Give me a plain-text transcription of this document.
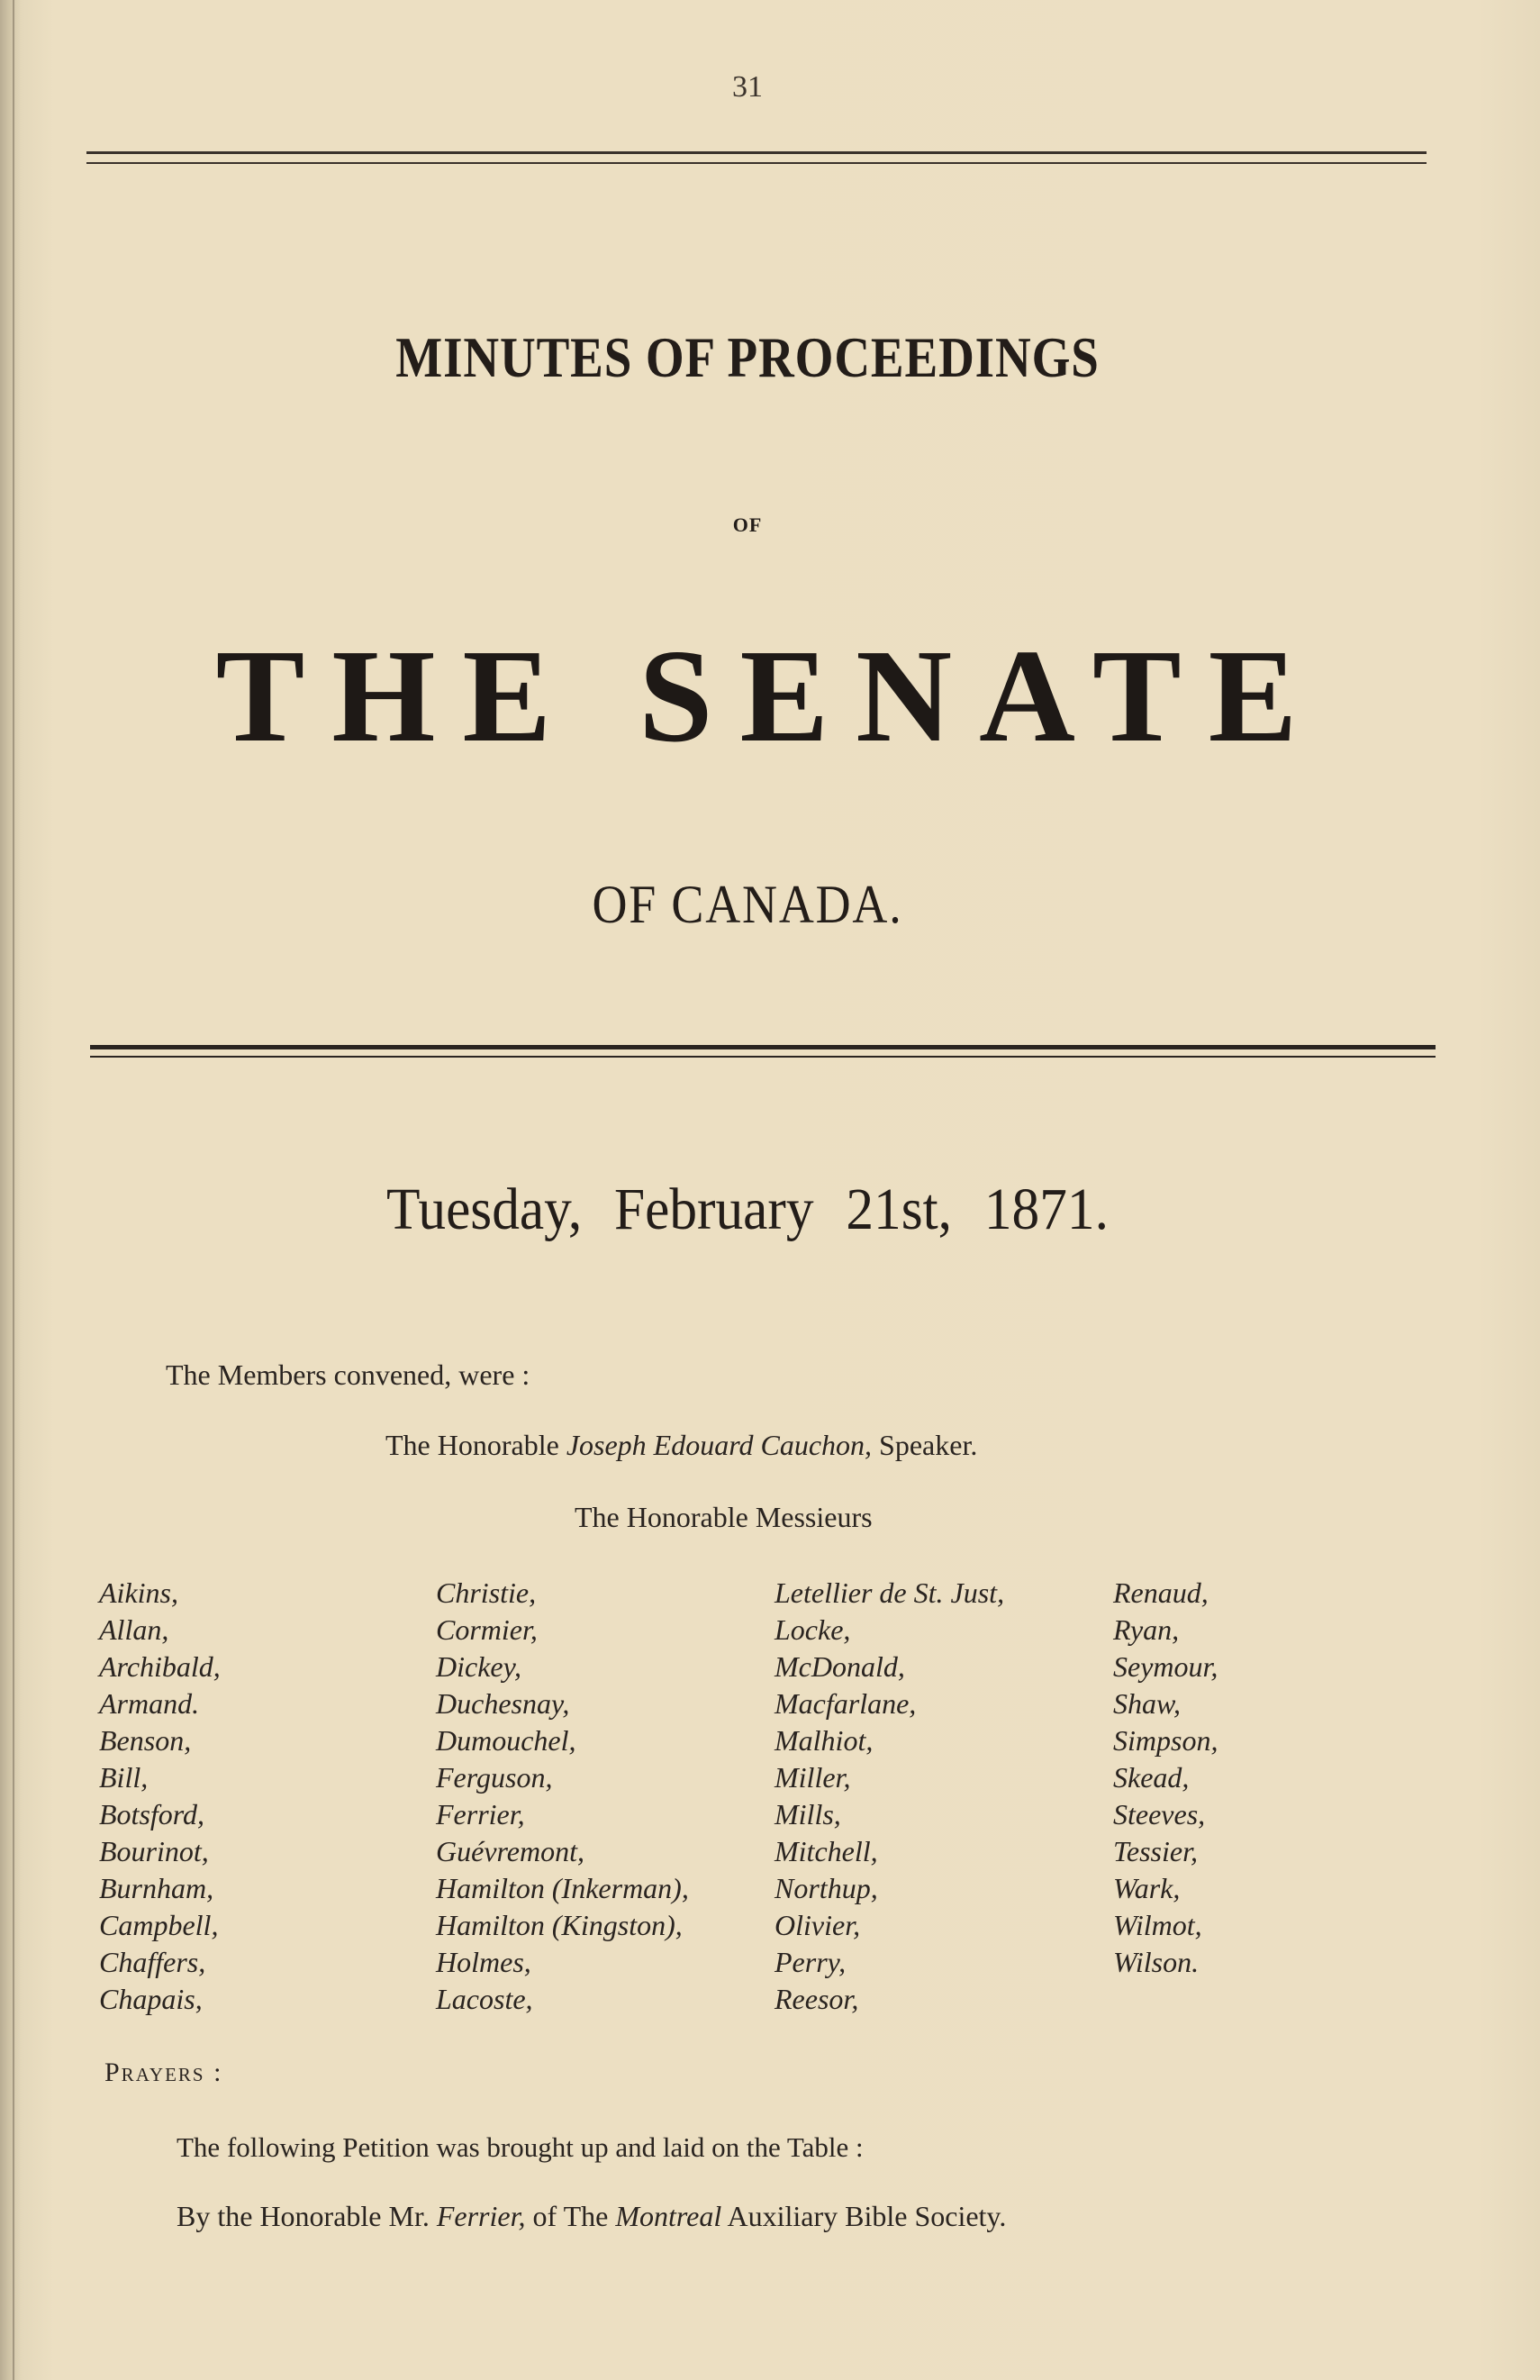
31
MINUTES OF PROCEEDINGS
OF
THE SENATE
OF CANADA.
Tuesday, February 21st, 1871.
The Members convened, were :
The Honorable Joseph Edouard Cauchon, Speaker.
The Honorable Messieurs
Aikins,
Allan,
Archibald,
Armand.
Benson,
Bill,
Botsford,
Bourinot,
Burnham,
Campbell,
Chaffers,
Chapais,
Christie,
Cormier,
Dickey,
Duchesnay,
Dumouchel,
Ferguson,
Ferrier,
Guévremont,
Hamilton (Inkerman),
Hamilton (Kingston),
Holmes,
Lacoste,
Letellier de St. Just,
Locke,
McDonald,
Macfarlane,
Malhiot,
Miller,
Mills,
Mitchell,
Northup,
Olivier,
Perry,
Reesor,
Renaud,
Ryan,
Seymour,
Shaw,
Simpson,
Skead,
Steeves,
Tessier,
Wark,
Wilmot,
Wilson.
Prayers :
The following Petition was brought up and laid on the Table :
By the Honorable Mr. Ferrier, of The Montreal Auxiliary Bible Society.
